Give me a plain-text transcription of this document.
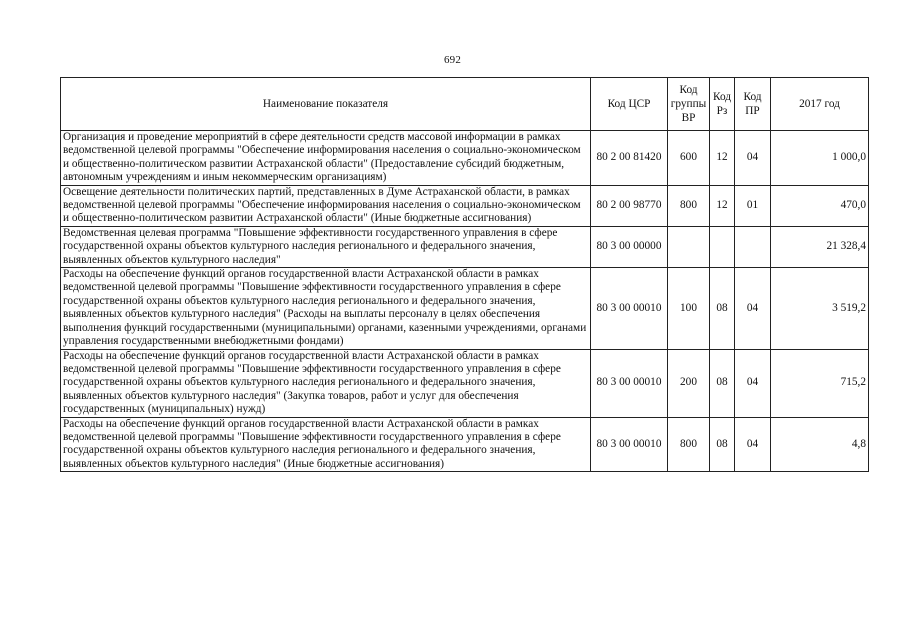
692
Наименование показателя	Код ЦСР	Код группы ВР	Код Рз	Код ПР	2017 год
Организация и проведение мероприятий в сфере деятельности средств массовой информации в рамках ведомственной целевой программы "Обеспечение информирования населения о социально-экономическом и общественно-политическом развитии Астраханской области" (Предоставление субсидий бюджетным, автономным учреждениям и иным некоммерческим организациям)	80 2 00 81420	600	12	04	1 000,0
Освещение деятельности политических партий, представленных в Думе Астраханской области, в рамках ведомственной целевой программы "Обеспечение информирования населения о социально-экономическом и общественно-политическом развитии Астраханской области" (Иные бюджетные ассигнования)	80 2 00 98770	800	12	01	470,0
Ведомственная целевая программа "Повышение эффективности государственного управления в сфере государственной охраны объектов культурного наследия регионального и федерального значения, выявленных объектов культурного наследия"	80 3 00 00000				21 328,4
Расходы на обеспечение функций органов государственной власти Астраханской области в рамках ведомственной целевой программы "Повышение эффективности государственного управления в сфере государственной охраны объектов культурного наследия регионального и федерального значения, выявленных объектов культурного наследия" (Расходы на выплаты персоналу в целях обеспечения выполнения функций государственными (муниципальными) органами, казенными учреждениями, органами управления государственными внебюджетными фондами)	80 3 00 00010	100	08	04	3 519,2
Расходы на обеспечение функций органов государственной власти Астраханской области в рамках ведомственной целевой программы "Повышение эффективности государственного управления в сфере государственной охраны объектов культурного наследия регионального и федерального значения, выявленных объектов культурного наследия" (Закупка товаров, работ и услуг для обеспечения государственных (муниципальных) нужд)	80 3 00 00010	200	08	04	715,2
Расходы на обеспечение функций органов государственной власти Астраханской области в рамках ведомственной целевой программы "Повышение эффективности государственного управления в сфере государственной охраны объектов культурного наследия регионального и федерального значения, выявленных объектов культурного наследия" (Иные бюджетные ассигнования)	80 3 00 00010	800	08	04	4,8
